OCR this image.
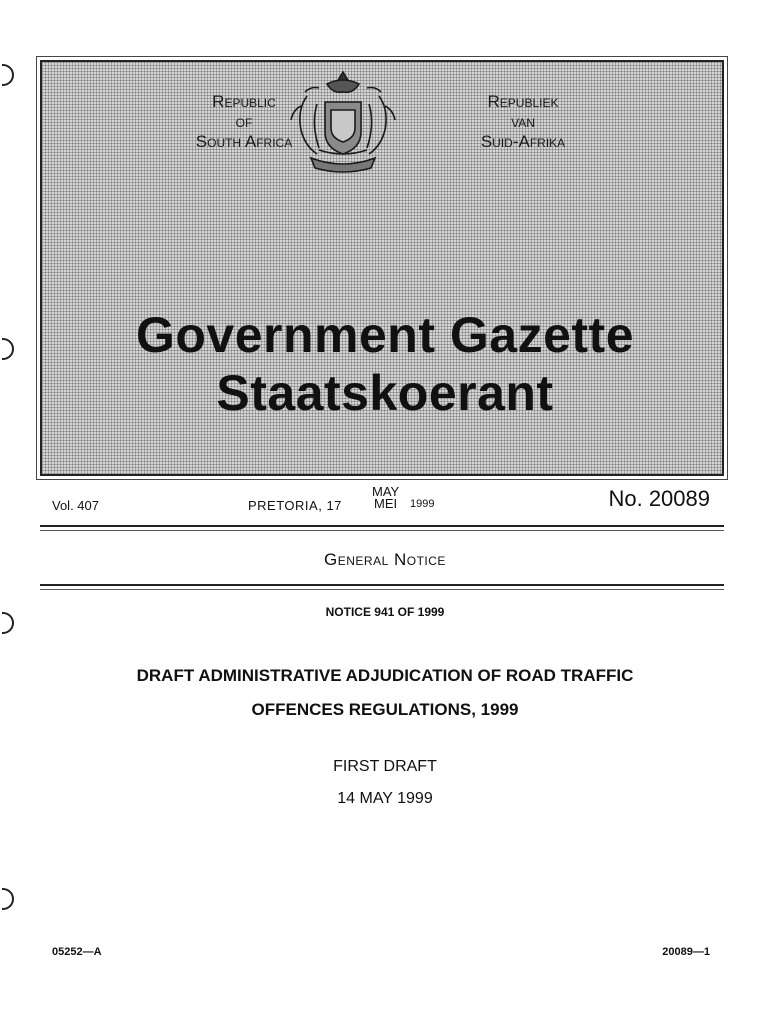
Republic
of
South Africa
Republiek
van
Suid-Afrika
Government Gazette
Staatskoerant
Vol. 407	PRETORIA, 17
MAY
MEI 1999	No. 20089
General Notice
NOTICE 941 OF 1999
DRAFT ADMINISTRATIVE ADJUDICATION OF ROAD TRAFFIC
OFFENCES REGULATIONS, 1999
FIRST DRAFT
14 MAY 1999
05252—A	20089—1
